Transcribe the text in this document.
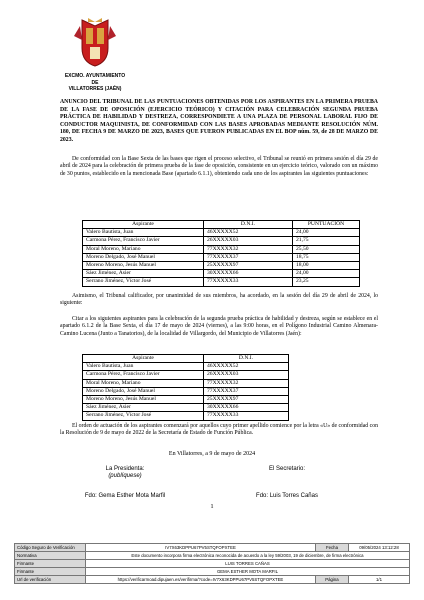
EXCMO. AYUNTAMIENTO
DE
VILLATORRES (JAÉN)
ANUNCIO DEL TRIBUNAL DE LAS PUNTUACIONES OBTENIDAS POR LOS ASPIRANTES EN LA PRIMERA PRUEBA DE LA FASE DE OPOSICIÓN (EJERCICIO TEÓRICO) Y CITACIÓN PARA CELEBRACIÓN SEGUNDA PRUEBA PRÁCTICA DE HABILIDAD Y DESTREZA, CORRESPONDIETE A UNA PLAZA DE PERSONAL LABORAL FIJO DE CONDUCTOR MAQUINISTA, DE CONFORMIDAD CON LAS BASES APROBADAS MEDIANTE RESOLUCIÓN NÚM. 180, DE FECHA 9 DE MARZO DE 2023, BASES QUE FUERON PUBLICADAS EN EL BOP núm. 59, de 28 DE MARZO DE 2023.
De conformidad con la Base Sexta de las bases que rigen el proceso selectivo, el Tribunal se reunió en primera sesión el día 29 de abril de 2024 para la celebración de primera prueba de la fase de oposición, consistente en un ejercicio teórico, valorado con un máximo de 30 puntos, establecido en la mencionada Base (apartado 6.1.1), obteniendo cada uno de los aspirantes las siguientes puntuaciones:
Aspirante	D.N.I.	PUNTUACIÓN
Valero Bautista, Juan	46XXXXX52	24,00
Carmona Pérez, Francisco Javier	26XXXXX03	21,75
Moral Moreno, Mariano	77XXXXX32	25,50
Moreno Delgado, José Manuel	77XXXXX37	18,75
Moreno Moreno, Jesús Manuel	25XXXXX97	18,00
Sáez Jiménez, Asier	30XXXXX66	24,00
Serrano Jiménez, Víctor José	77XXXXX33	23,25
Asimismo, el Tribunal calificador, por unanimidad de sus miembros, ha acordado, en la sesión del día 29 de abril de 2024, lo siguiente:
Citar a los siguientes aspirantes para la celebración de la segunda prueba práctica de habilidad y destreza, según se establece en el apartado 6.1.2 de la Base Sexta, el día 17 de mayo de 2024 (viernes), a las 9:00 horas, en el Polígono Industrial Camino Almenara-Camino Lucena (Junto a Tanatorios), de la localidad de Villargordo, del Municipio de Villatorres (Jaén):
Aspirante	D.N.I.
Valero Bautista, Juan	46XXXXX52
Carmona Pérez, Francisco Javier	26XXXXX03
Moral Moreno, Mariano	77XXXXX32
Moreno Delgado, José Manuel	77XXXXX37
Moreno Moreno, Jesús Manuel	25XXXXX97
Sáez Jiménez, Asier	30XXXXX66
Serrano Jiménez, Víctor José	77XXXXX33
El orden de actuación de los aspirantes comenzará por aquellos cuyo primer apellido comience por la letra «U» de conformidad con la Resolución de 9 de mayo de 2022 de la Secretaría de Estado de Función Pública.
En Villatorres, a 9 de mayo de 2024
La Presidenta:
(publíquese)
El Secretario:
Fdo: Gema Esther Mota Marfil	Fdo: Luis Torres Cañas
1
Código Seguro de Verificación	IV7X63KDPPU67PV5STQFOPXTEE	Fecha	09/05/2024 13:12:28
Normativa	Este documento incorpora firma electrónica reconocida de acuerdo a la ley 59/2003, 19 de diciembre, de firma electrónica		
Firmante	LUIS TORRES CAÑAS		
Firmante	GEMA ESTHER MOTA MARFIL		
Url de verificación	https://verificarmoad.dipujaen.es/verifirma/?code=IV7X63KDPPU67PV5STQFOPXTEE	Página	1/1
